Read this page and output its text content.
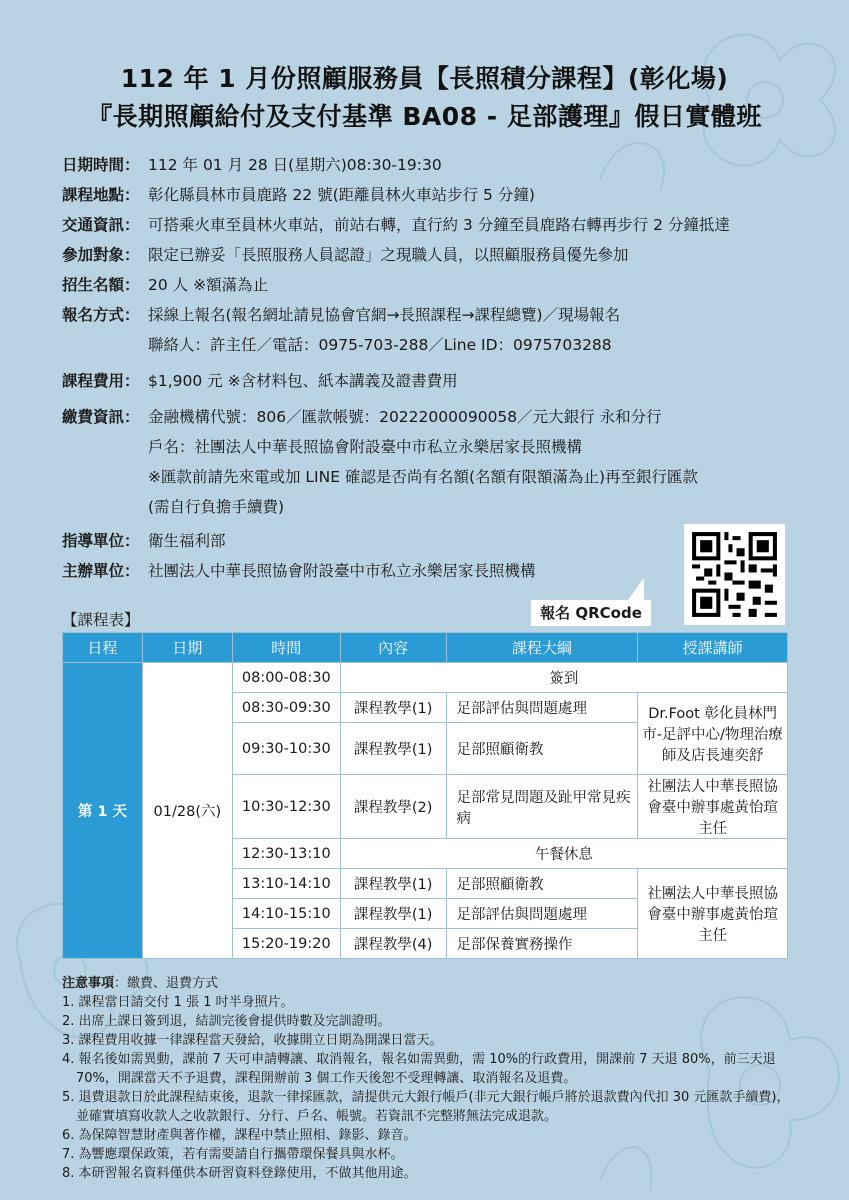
112 年 1 月份照顧服務員【長照積分課程】(彰化場)
『長期照顧給付及支付基準 BA08 - 足部護理』假日實體班
日期時間： 112 年 01 月 28 日(星期六)08:30-19:30
課程地點： 彰化縣員林市員鹿路 22 號(距離員林火車站步行 5 分鐘)
交通資訊： 可搭乘火車至員林火車站，前站右轉，直行約 3 分鐘至員鹿路右轉再步行 2 分鐘抵達
參加對象： 限定已辦妥「長照服務人員認證」之現職人員，以照顧服務員優先參加
招生名額： 20 人 ※額滿為止
報名方式： 採線上報名(報名網址請見協會官網→長照課程→課程總覽)／現場報名
聯絡人：許主任／電話：0975-703-288／Line ID：0975703288
課程費用： $1,900 元 ※含材料包、紙本講義及證書費用
繳費資訊： 金融機構代號：806／匯款帳號：20222000090058／元大銀行 永和分行
戶名：社團法人中華長照協會附設臺中市私立永樂居家長照機構
※匯款前請先來電或加 LINE 確認是否尚有名額(名額有限額滿為止)再至銀行匯款
(需自行負擔手續費)
指導單位： 衛生福利部
主辦單位： 社團法人中華長照協會附設臺中市私立永樂居家長照機構
報名 QRCode
【課程表】
日程	日期	時間	內容	課程大綱	授課講師
第 1 天	01/28(六)	08:00-08:30	簽到		
		08:30-09:30	課程教學(1)	足部評估與問題處理	Dr.Foot 彰化員林門市-足評中心/物理治療師及店長連奕舒
		09:30-10:30	課程教學(1)	足部照顧衛教	
		10:30-12:30	課程教學(2)	足部常見問題及趾甲常見疾病	社團法人中華長照協會臺中辦事處黃怡瑄主任
		12:30-13:10	午餐休息		
		13:10-14:10	課程教學(1)	足部照顧衛教	社團法人中華長照協會臺中辦事處黃怡瑄主任
		14:10-15:10	課程教學(1)	足部評估與問題處理	
		15:20-19:20	課程教學(4)	足部保養實務操作	
注意事項：繳費、退費方式
1. 課程當日請交付 1 張 1 吋半身照片。
2. 出席上課日簽到退，結訓完後會提供時數及完訓證明。
3. 課程費用收據一律課程當天發給，收據開立日期為開課日當天。
4. 報名後如需異動，課前 7 天可申請轉讓、取消報名，報名如需異動，需 10%的行政費用，開課前 7 天退 80%，前三天退 70%，開課當天不予退費，課程開辦前 3 個工作天後恕不受理轉讓、取消報名及退費。
5. 退費退款日於此課程結束後，退款一律採匯款，請提供元大銀行帳戶(非元大銀行帳戶將於退款費內代扣 30 元匯款手續費)，並確實填寫收款人之收款銀行、分行、戶名、帳號。若資訊不完整將無法完成退款。
6. 為保障智慧財產與著作權，課程中禁止照相、錄影、錄音。
7. 為響應環保政策，若有需要請自行攜帶環保餐具與水杯。
8. 本研習報名資料僅供本研習資料登錄使用，不做其他用途。
